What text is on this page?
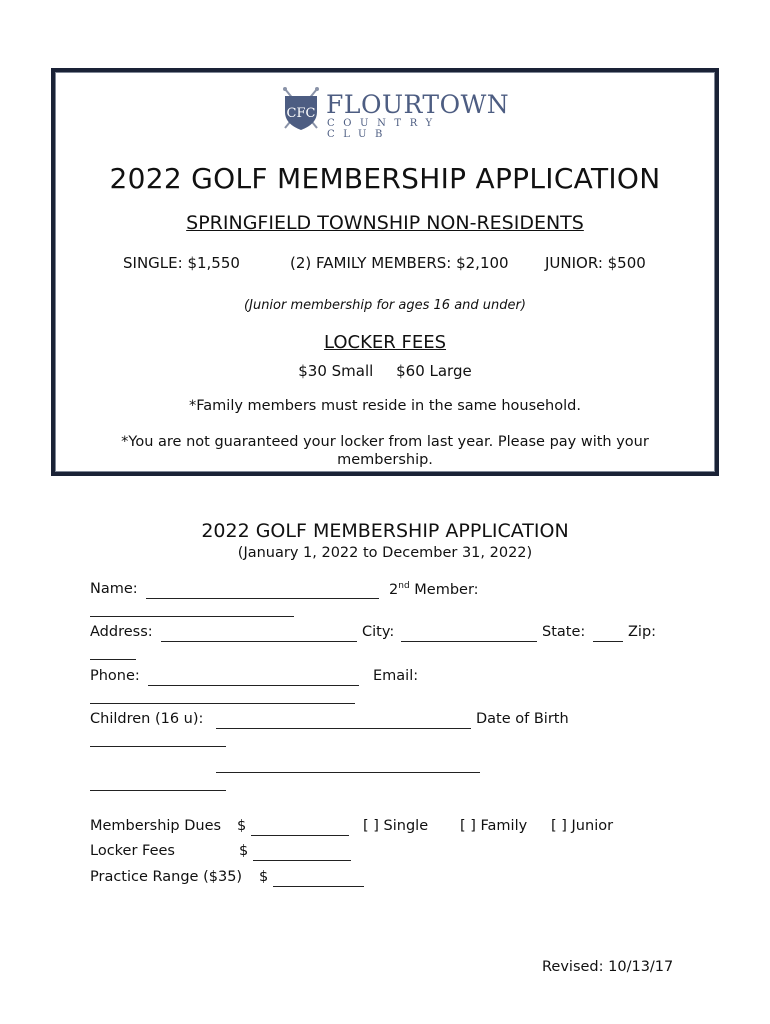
CFC FLOURTOWN
COUNTRY CLUB
2022 GOLF MEMBERSHIP APPLICATION
SPRINGFIELD TOWNSHIP NON-RESIDENTS
SINGLE: $1,550	(2) FAMILY MEMBERS: $2,100 JUNIOR: $500
(Junior membership for ages 16 and under)
LOCKER FEES
$30 Small $60 Large
*Family members must reside in the same household.
*You are not guaranteed your locker from last year. Please pay with your membership.
2022 GOLF MEMBERSHIP APPLICATION
(January 1, 2022 to December 31, 2022)
Name:	2nd Member:
Address:	City:	State:	Zip:
Phone:	Email:
Children (16 u):	Date of Birth
Membership Dues $	[ ] Single [ ] Family [ ] Junior
Locker Fees	$
Practice Range ($35) $
Revised: 10/13/17
